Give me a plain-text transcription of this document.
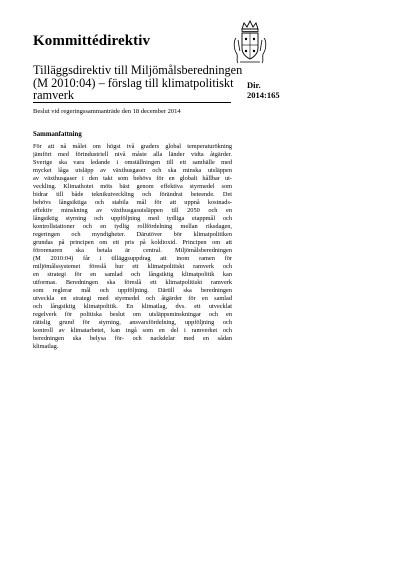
Kommittédirektiv
Tilläggsdirektiv till Miljömålsberedningen
(M 2010:04) – förslag till klimatpolitiskt
ramverk
Dir.
2014:165
Beslut vid regeringssammanträde den 18 december 2014
Sammanfattning
För att nå målet om högst två graders global temperaturökning
jämfört med förindustriell nivå måste alla länder vidta åtgärder.
Sverige ska vara ledande i omställningen till ett samhälle med
mycket låga utsläpp av växthusgaser och ska minska utsläppen
av växthusgaser i den takt som behövs för en globalt hållbar ut-
veckling. Klimathotet möts bäst genom effektiva styrmedel som
bidrar till både teknikutveckling och förändrat beteende. Det
behövs långsiktiga och stabila mål för att uppnå kostnads-
effektiv minskning av växthusgasutsläppen till 2050 och en
långsiktig styrning och uppföljning med tydliga etappmål och
kontrollstationer och en tydlig rollfördelning mellan riksdagen,
regeringen och myndigheter. Därutöver bör klimatpolitiken
grundas på principen om ett pris på koldioxid. Principen om att
förorenaren ska betala är central. Miljömålsberedningen
(M 2010:04) får i tilläggsuppdrag att inom ramen för
miljömålssystemet föreslå hur ett klimatpolitiskt ramverk och
en strategi för en samlad och långsiktig klimatpolitik kan
utformas. Beredningen ska föreslå ett klimatpolitiskt ramverk
som reglerar mål och uppföljning. Därtill ska beredningen
utveckla en strategi med styrmedel och åtgärder för en samlad
och långsiktig klimatpolitik. En klimatlag, dvs. ett utvecklat
regelverk för politiska beslut om utsläppsminskningar och en
rättslig grund för styrning, ansvarsfördelning, uppföljning och
kontroll av klimatarbetet, kan ingå som en del i ramverket och
beredningen ska belysa för- och nackdelar med en sådan
klimatlag.
